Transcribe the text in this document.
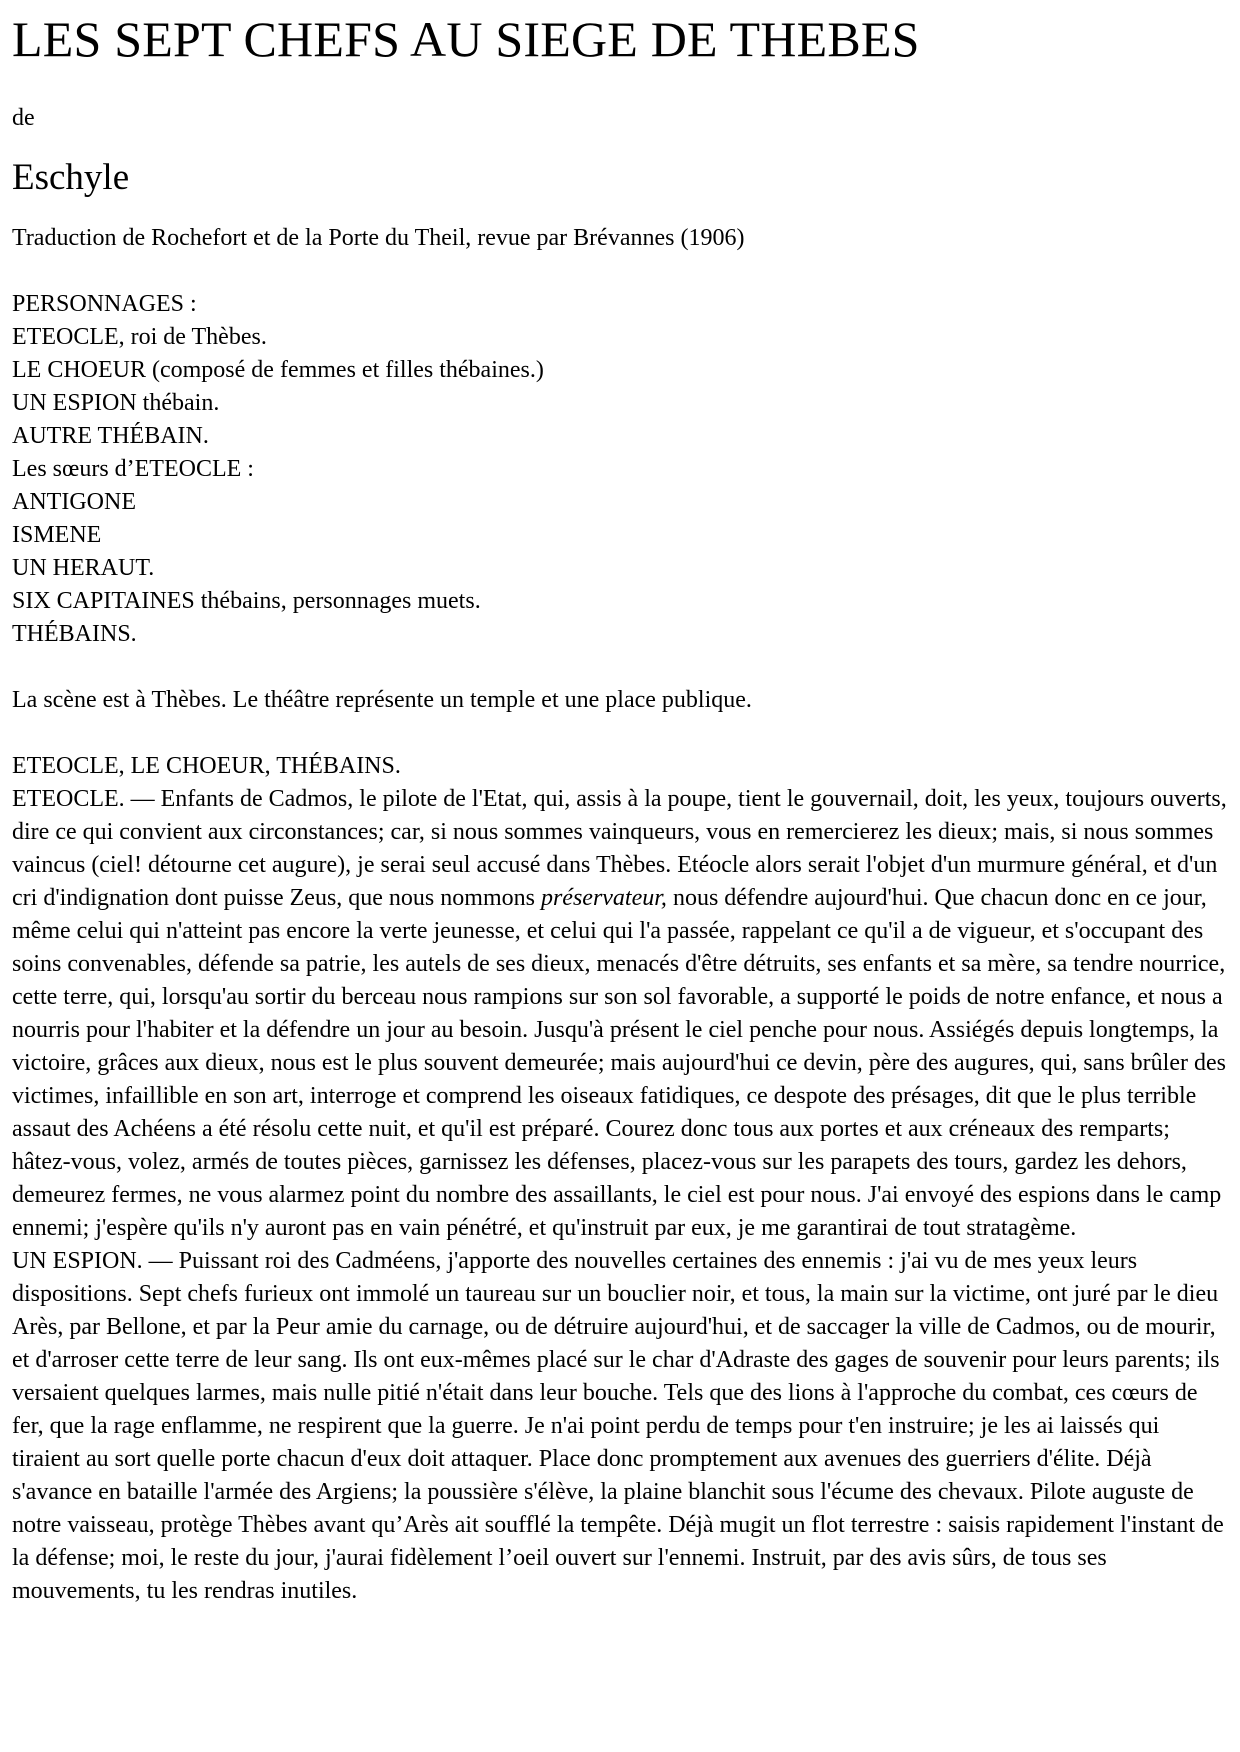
LES SEPT CHEFS AU SIEGE DE THEBES
de
Eschyle
Traduction de Rochefort et de la Porte du Theil, revue par Brévannes (1906)
PERSONNAGES :
ETEOCLE, roi de Thèbes.
LE CHOEUR (composé de femmes et filles thébaines.)
UN ESPION thébain.
AUTRE THÉBAIN.
Les sœurs d’ETEOCLE :
ANTIGONE
ISMENE
UN HERAUT.
SIX CAPITAINES thébains, personnages muets.
THÉBAINS.
La scène est à Thèbes. Le théâtre représente un temple et une place publique.
ETEOCLE, LE CHOEUR, THÉBAINS.
ETEOCLE. — Enfants de Cadmos, le pilote de l'Etat, qui, assis à la poupe, tient le gouvernail, doit, les yeux, toujours ouverts, dire ce qui convient aux circonstances; car, si nous sommes vainqueurs, vous en remercierez les dieux; mais, si nous sommes vaincus (ciel! détourne cet augure), je serai seul accusé dans Thèbes. Etéocle alors serait l'objet d'un murmure général, et d'un cri d'indignation dont puisse Zeus, que nous nommons préservateur, nous défendre aujourd'hui. Que chacun donc en ce jour, même celui qui n'atteint pas encore la verte jeunesse, et celui qui l'a passée, rappelant ce qu'il a de vigueur, et s'occupant des soins convenables, défende sa patrie, les autels de ses dieux, menacés d'être détruits, ses enfants et sa mère, sa tendre nourrice, cette terre, qui, lorsqu'au sortir du berceau nous rampions sur son sol favorable, a supporté le poids de notre enfance, et nous a nourris pour l'habiter et la défendre un jour au besoin. Jusqu'à présent le ciel penche pour nous. Assiégés depuis longtemps, la victoire, grâces aux dieux, nous est le plus souvent demeurée; mais aujourd'hui ce devin, père des augures, qui, sans brûler des victimes, infaillible en son art, interroge et comprend les oiseaux fatidiques, ce despote des présages, dit que le plus terrible assaut des Achéens a été résolu cette nuit, et qu'il est préparé. Courez donc tous aux portes et aux créneaux des remparts; hâtez-vous, volez, armés de toutes pièces, garnissez les défenses, placez-vous sur les parapets des tours, gardez les dehors, demeurez fermes, ne vous alarmez point du nombre des assaillants, le ciel est pour nous. J'ai envoyé des espions dans le camp ennemi; j'espère qu'ils n'y auront pas en vain pénétré, et qu'instruit par eux, je me garantirai de tout stratagème.
UN ESPION. — Puissant roi des Cadméens, j'apporte des nouvelles certaines des ennemis : j'ai vu de mes yeux leurs dispositions. Sept chefs furieux ont immolé un taureau sur un bouclier noir, et tous, la main sur la victime, ont juré par le dieu Arès, par Bellone, et par la Peur amie du carnage, ou de détruire aujourd'hui, et de saccager la ville de Cadmos, ou de mourir, et d'arroser cette terre de leur sang. Ils ont eux-mêmes placé sur le char d'Adraste des gages de souvenir pour leurs parents; ils versaient quelques larmes, mais nulle pitié n'était dans leur bouche. Tels que des lions à l'approche du combat, ces cœurs de fer, que la rage enflamme, ne respirent que la guerre. Je n'ai point perdu de temps pour t'en instruire; je les ai laissés qui tiraient au sort quelle porte chacun d'eux doit attaquer. Place donc promptement aux avenues des guerriers d'élite. Déjà s'avance en bataille l'armée des Argiens; la poussière s'élève, la plaine blanchit sous l'écume des chevaux. Pilote auguste de notre vaisseau, protège Thèbes avant qu’Arès ait soufflé la tempête. Déjà mugit un flot terrestre : saisis rapidement l'instant de la défense; moi, le reste du jour, j'aurai fidèlement l’oeil ouvert sur l'ennemi. Instruit, par des avis sûrs, de tous ses mouvements, tu les rendras inutiles.
